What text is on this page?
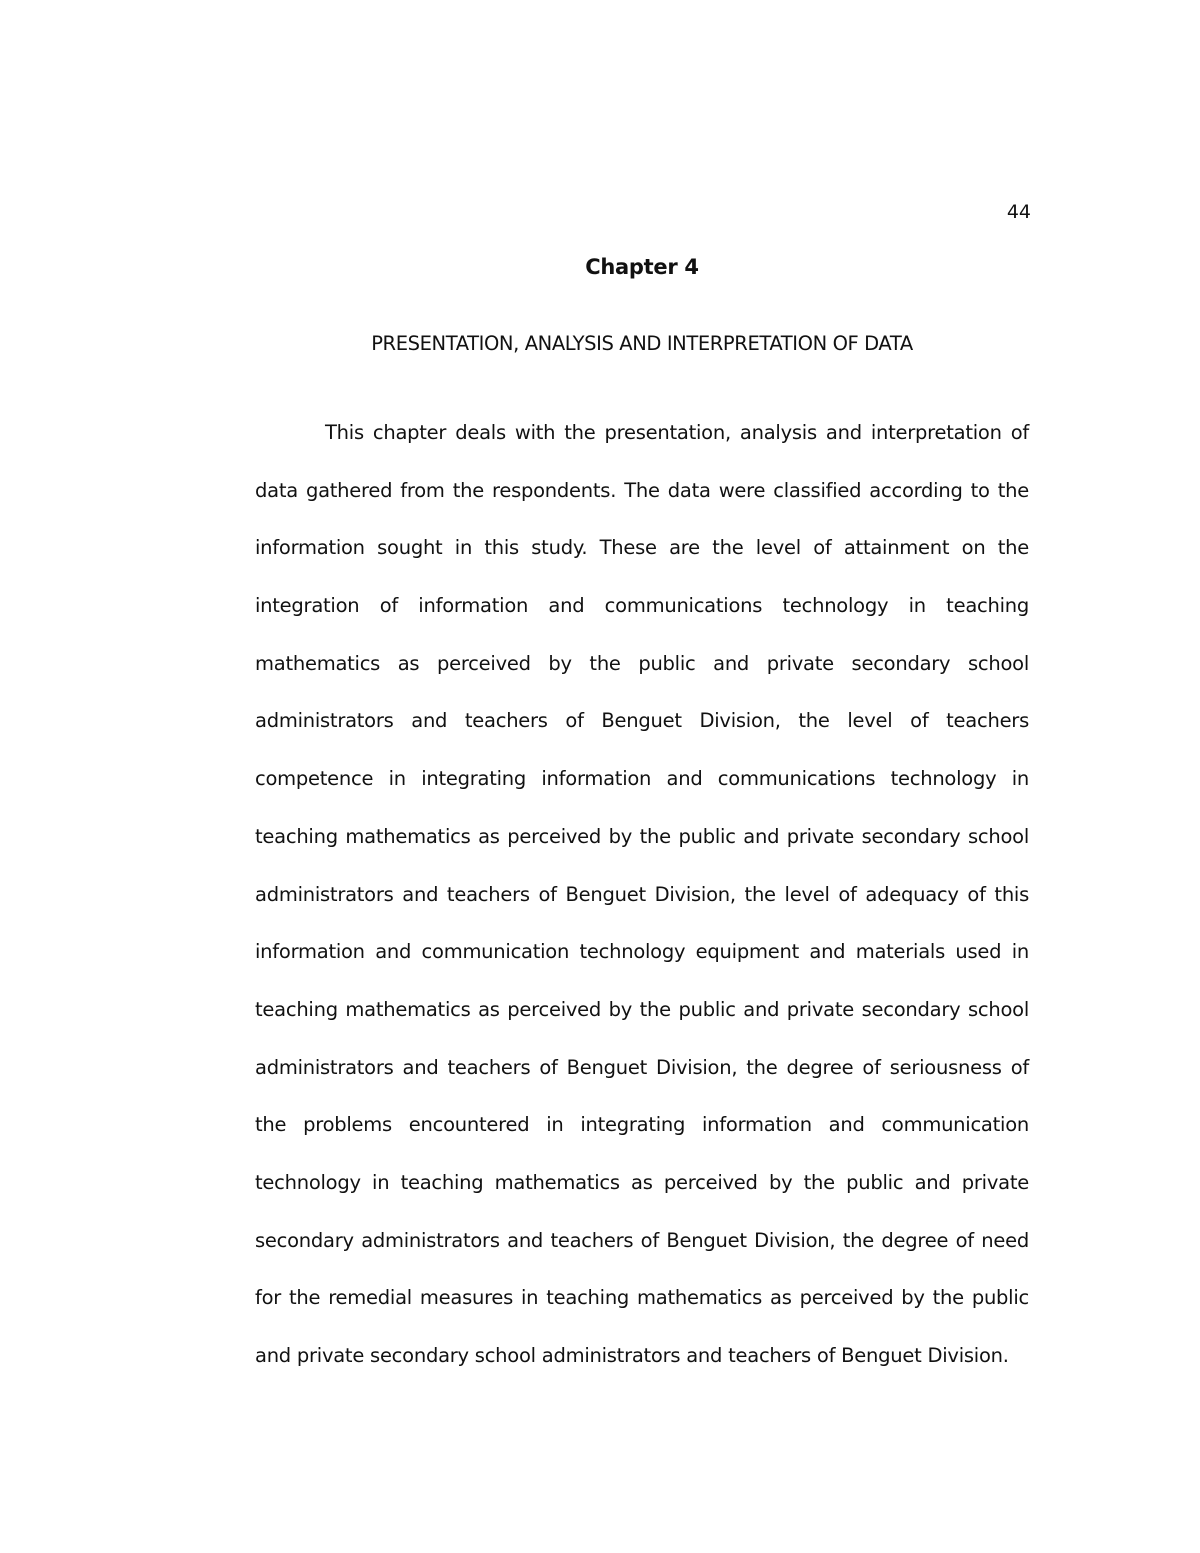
44
Chapter 4
PRESENTATION, ANALYSIS AND INTERPRETATION OF DATA
This chapter deals with the presentation, analysis and interpretation of
data gathered from the respondents. The data were classified according to the
information sought in this study. These are the level of attainment on the
integration of information and communications technology in teaching
mathematics as perceived by the public and private secondary school
administrators and teachers of Benguet Division, the level of teachers
competence in integrating information and communications technology in
teaching mathematics as perceived by the public and private secondary school
administrators and teachers of Benguet Division, the level of adequacy of this
information and communication technology equipment and materials used in
teaching mathematics as perceived by the public and private secondary school
administrators and teachers of Benguet Division, the degree of seriousness of
the problems encountered in integrating information and communication
technology in teaching mathematics as perceived by the public and private
secondary administrators and teachers of Benguet Division, the degree of need
for the remedial measures in teaching mathematics as perceived by the public
and private secondary school administrators and teachers of Benguet Division.
